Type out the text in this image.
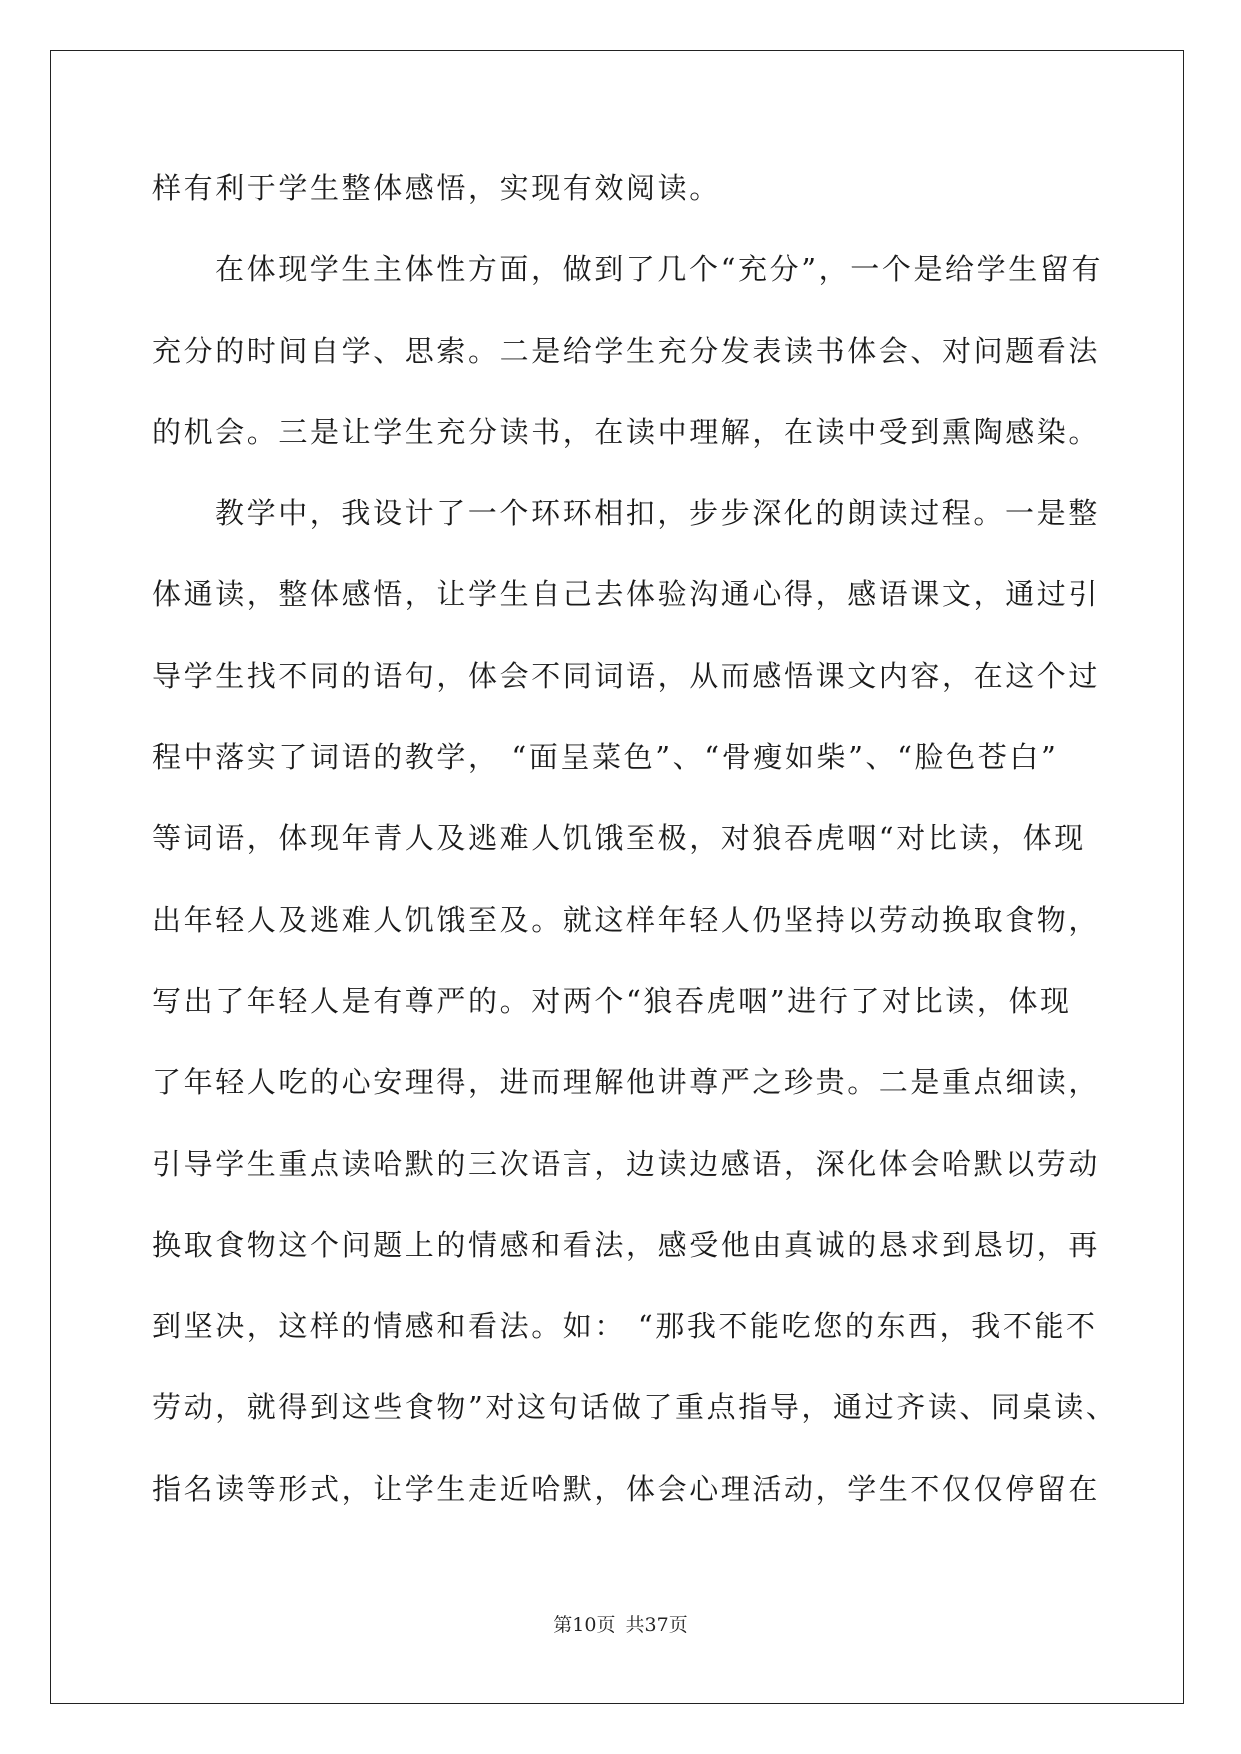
样有利于学生整体感悟，实现有效阅读。
在体现学生主体性方面，做到了几个“充分”，一个是给学生留有
充分的时间自学、思索。二是给学生充分发表读书体会、对问题看法
的机会。三是让学生充分读书，在读中理解，在读中受到熏陶感染。
教学中，我设计了一个环环相扣，步步深化的朗读过程。一是整
体通读，整体感悟，让学生自己去体验沟通心得，感语课文，通过引
导学生找不同的语句，体会不同词语，从而感悟课文内容，在这个过
程中落实了词语的教学， “面呈菜色”、“骨瘦如柴”、“脸色苍白”
等词语，体现年青人及逃难人饥饿至极，对狼吞虎咽“对比读，体现
出年轻人及逃难人饥饿至及。就这样年轻人仍坚持以劳动换取食物，
写出了年轻人是有尊严的。对两个“狼吞虎咽”进行了对比读，体现
了年轻人吃的心安理得，进而理解他讲尊严之珍贵。二是重点细读，
引导学生重点读哈默的三次语言，边读边感语，深化体会哈默以劳动
换取食物这个问题上的情感和看法，感受他由真诚的恳求到恳切，再
到坚决，这样的情感和看法。如： “那我不能吃您的东西，我不能不
劳动，就得到这些食物”对这句话做了重点指导，通过齐读、同桌读、
指名读等形式，让学生走近哈默，体会心理活动，学生不仅仅停留在
第10页 共37页
